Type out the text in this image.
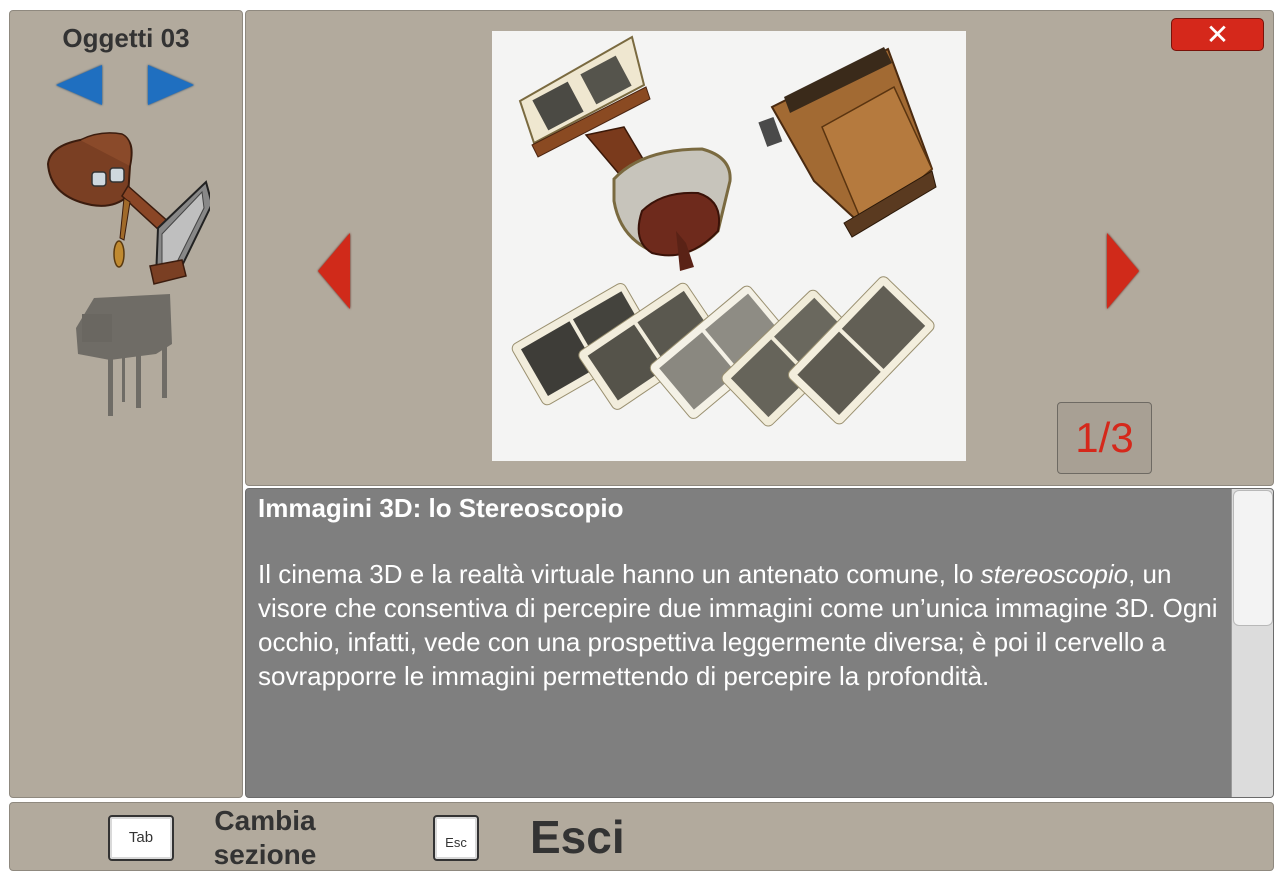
Oggetti 03	✕
1/3
Immagini 3D: lo Stereoscopio
Il cinema 3D e la realtà virtuale hanno un antenato comune, lo stereoscopio, un visore che consentiva di percepire due immagini come un’unica immagine 3D. Ogni occhio, infatti, vede con una prospettiva leggermente diversa; è poi il cervello a sovrapporre le immagini permettendo di percepire la profondità.
Tab
Cambia sezione	Esc Esci
